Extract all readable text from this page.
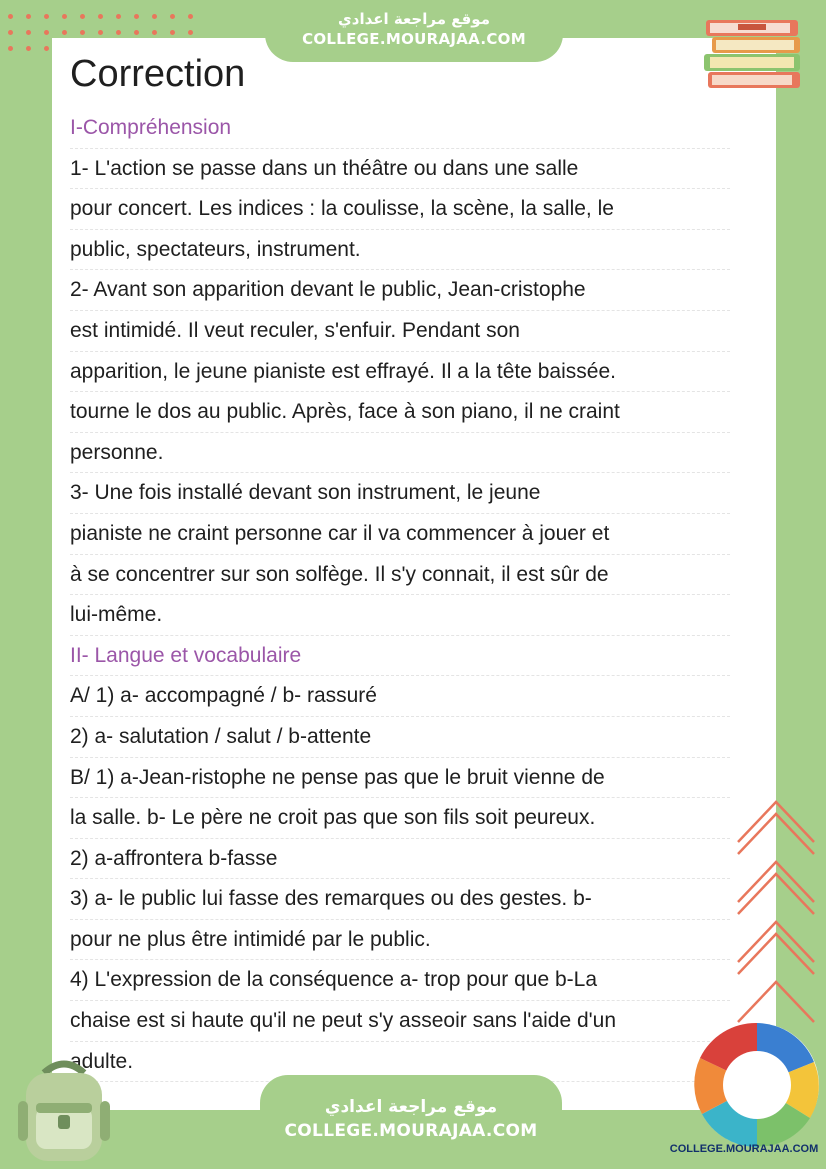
موقع مراجعة اعدادي
COLLEGE.MOURAJAA.COM
Correction
I-Compréhension
1- L'action se passe dans un théâtre ou dans une salle
pour concert. Les indices : la coulisse, la scène, la salle, le
public, spectateurs, instrument.
2- Avant son apparition devant le public, Jean-cristophe
est intimidé. Il veut reculer, s'enfuir. Pendant son
apparition, le jeune pianiste est effrayé. Il a la tête baissée.
tourne le dos au public. Après, face à son piano, il ne craint
personne.
3- Une fois installé devant son instrument, le jeune
pianiste ne craint personne car il va commencer à jouer et
à se concentrer sur son solfège. Il s'y connait, il est sûr de
lui-même.
II- Langue et vocabulaire
A/ 1) a- accompagné / b- rassuré
2) a- salutation / salut / b-attente
B/ 1) a-Jean-ristophe ne pense pas que le bruit vienne de
la salle. b- Le père ne croit pas que son fils soit peureux.
2) a-affrontera b-fasse
3) a- le public lui fasse des remarques ou des gestes. b-
pour ne plus être intimidé par le public.
4) L'expression de la conséquence a- trop pour que b-La
chaise est si haute qu'il ne peut s'y asseoir sans l'aide d'un
adulte.
COLLEGE.MOURAJAA.COM
موقع مراجعة اعدادي
COLLEGE.MOURAJAA.COM
